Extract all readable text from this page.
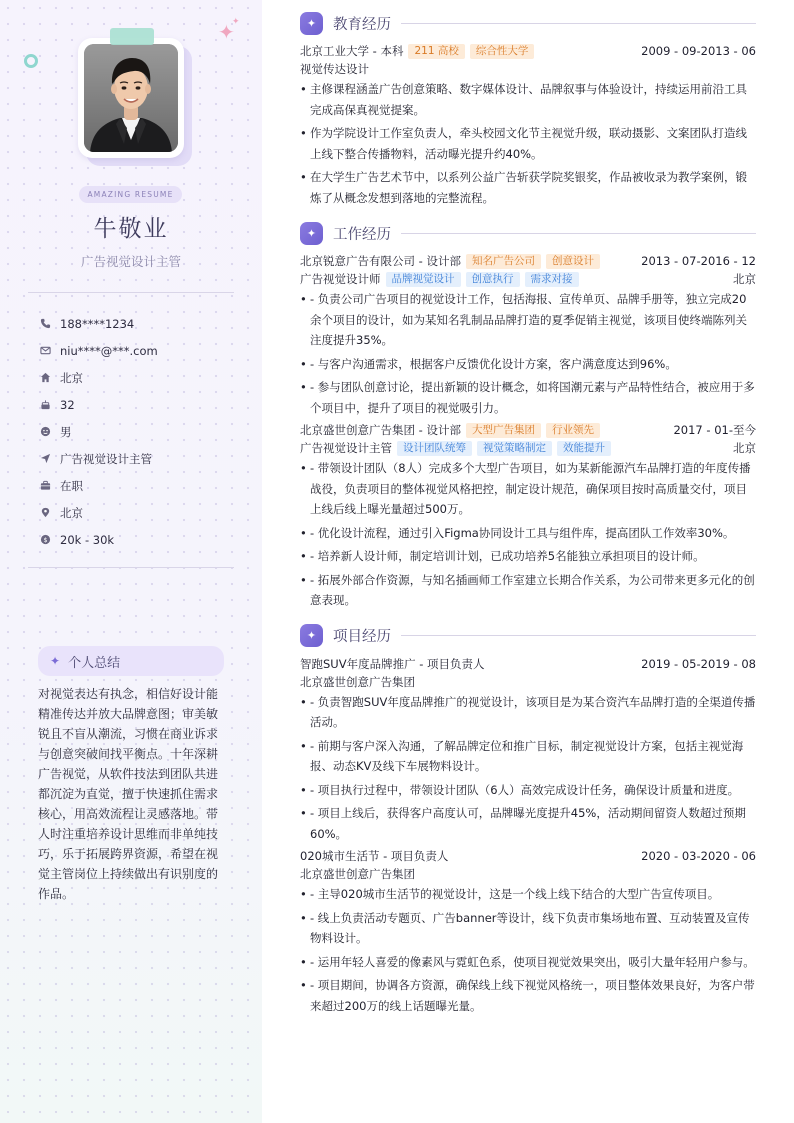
✦
✦
AMAZING RESUME
牛敬业
广告视觉设计主管
188****1234
niu****@***.com
北京
32
男
广告视觉设计主管
在职
北京
$ 20k - 30k
✦ 个人总结

对视觉表达有执念，相信好设计能精准传达并放大品牌意图；审美敏锐且不盲从潮流，习惯在商业诉求与创意突破间找平衡点。十年深耕广告视觉，从软件技法到团队共进都沉淀为直觉，擅于快速抓住需求核心，用高效流程让灵感落地。带人时注重培养设计思维而非单纯技巧，乐于拓展跨界资源，希望在视觉主管岗位上持续做出有识别度的作品。

✦	教育经历
北京工业大学 - 本科	211 高校	综合性大学	2009 - 09-2013 - 06
视觉传达设计
• 主修课程涵盖广告创意策略、数字媒体设计、品牌叙事与体验设计，持续运用前沿工具完成高保真视觉提案。
• 作为学院设计工作室负责人，牵头校园文化节主视觉升级，联动摄影、文案团队打造线上线下整合传播物料，活动曝光提升约40%。
• 在大学生广告艺术节中，以系列公益广告斩获学院奖银奖，作品被收录为教学案例，锻炼了从概念发想到落地的完整流程。
✦	工作经历
北京锐意广告有限公司 - 设计部	知名广告公司	创意设计	2013 - 07-2016 - 12
广告视觉设计师	品牌视觉设计	创意执行	需求对接	北京
• - 负责公司广告项目的视觉设计工作，包括海报、宣传单页、品牌手册等，独立完成20余个项目的设计，如为某知名乳制品品牌打造的夏季促销主视觉，该项目使终端陈列关注度提升35%。
• - 与客户沟通需求，根据客户反馈优化设计方案，客户满意度达到96%。
• - 参与团队创意讨论，提出新颖的设计概念，如将国潮元素与产品特性结合，被应用于多个项目中，提升了项目的视觉吸引力。
北京盛世创意广告集团 - 设计部	大型广告集团	行业领先	2017 - 01-至今
广告视觉设计主管	设计团队统筹	视觉策略制定	效能提升	北京
• - 带领设计团队（8人）完成多个大型广告项目，如为某新能源汽车品牌打造的年度传播战役，负责项目的整体视觉风格把控，制定设计规范，确保项目按时高质量交付，项目上线后线上曝光量超过500万。
• - 优化设计流程，通过引入Figma协同设计工具与组件库，提高团队工作效率30%。
• - 培养新人设计师，制定培训计划，已成功培养5名能独立承担项目的设计师。
• - 拓展外部合作资源，与知名插画师工作室建立长期合作关系，为公司带来更多元化的创意表现。
✦	项目经历
智跑SUV年度品牌推广 - 项目负责人	2019 - 05-2019 - 08
北京盛世创意广告集团
• - 负责智跑SUV年度品牌推广的视觉设计，该项目是为某合资汽车品牌打造的全渠道传播活动。
• - 前期与客户深入沟通，了解品牌定位和推广目标，制定视觉设计方案，包括主视觉海报、动态KV及线下车展物料设计。
• - 项目执行过程中，带领设计团队（6人）高效完成设计任务，确保设计质量和进度。
• - 项目上线后，获得客户高度认可，品牌曝光度提升45%，活动期间留资人数超过预期60%。
020城市生活节 - 项目负责人	2020 - 03-2020 - 06
北京盛世创意广告集团
• - 主导020城市生活节的视觉设计，这是一个线上线下结合的大型广告宣传项目。
• - 线上负责活动专题页、广告banner等设计，线下负责市集场地布置、互动装置及宣传物料设计。
• - 运用年轻人喜爱的像素风与霓虹色系，使项目视觉效果突出，吸引大量年轻用户参与。
• - 项目期间，协调各方资源，确保线上线下视觉风格统一，项目整体效果良好，为客户带来超过200万的线上话题曝光量。
